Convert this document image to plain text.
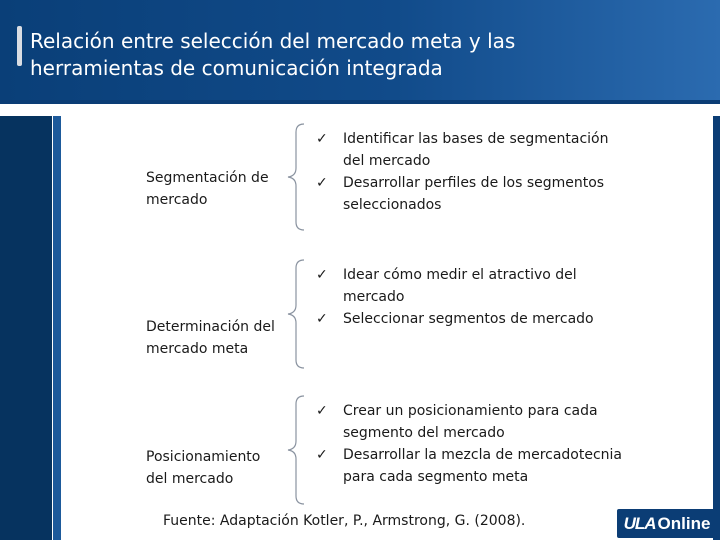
Relación entre selección del mercado meta y las
herramientas de comunicación integrada
Segmentación de
mercado
✓ Identificar las bases de segmentación
del mercado
✓ Desarrollar perfiles de los segmentos
seleccionados
Determinación del
mercado meta
✓ Idear cómo medir el atractivo del
mercado
✓ Seleccionar segmentos de mercado
Posicionamiento
del mercado
✓ Crear un posicionamiento para cada
segmento del mercado
✓ Desarrollar la mezcla de mercadotecnia
para cada segmento meta
Fuente: Adaptación Kotler, P., Armstrong, G. (2008).	ULA Online
